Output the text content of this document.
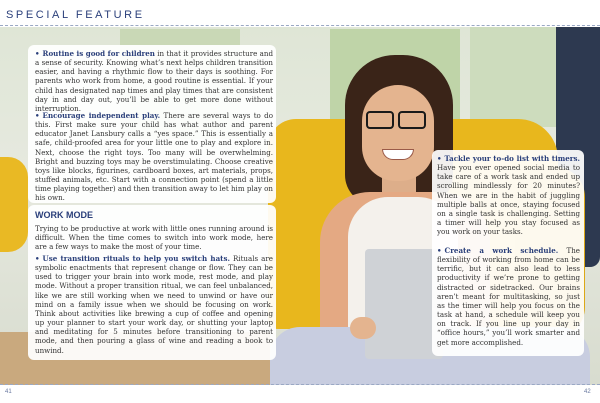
SPECIAL FEATURE
• Routine is good for children in that it provides structure and a sense of security. Knowing what’s next helps children transition easier, and having a rhythmic flow to their days is soothing. For parents who work from home, a good routine is essential. If your child has designated nap times and play times that are consistent day in and day out, you’ll be able to get more done without interruption.
• Encourage independent play. There are several ways to do this. First make sure your child has what author and parent educator Janet Lansbury calls a “yes space.” This is essentially a safe, child-proofed area for your little one to play and explore in. Next, choose the right toys. Too many will be overwhelming. Bright and buzzing toys may be overstimulating. Choose creative toys like blocks, figurines, cardboard boxes, art materials, props, stuffed animals, etc. Start with a connection point (spend a little time playing together) and then transition away to let him play on his own.
WORK MODE
Trying to be productive at work with little ones running around is difficult. When the time comes to switch into work mode, here are a few ways to make the most of your time.
• Use transition rituals to help you switch hats. Rituals are symbolic enactments that represent change or flow. They can be used to trigger your brain into work mode, rest mode, and play mode. Without a proper transition ritual, we can feel unbalanced, like we are still working when we need to unwind or have our mind on a family issue when we should be focusing on work. Think about activities like brewing a cup of coffee and opening up your planner to start your work day, or shutting your laptop and meditating for 5 minutes before transitioning to parent mode, and then pouring a glass of wine and reading a book to unwind.
• Tackle your to-do list with timers. Have you ever opened social media to take care of a work task and ended up scrolling mindlessly for 20 minutes? When we are in the habit of juggling multiple balls at once, staying focused on a single task is challenging. Setting a timer will help you stay focused as you work on your tasks.
• Create a work schedule. The flexibility of working from home can be terrific, but it can also lead to less productivity if we’re prone to getting distracted or sidetracked. Our brains aren’t meant for multitasking, so just as the timer will help you focus on the task at hand, a schedule will keep you on track. If you line up your day in “office hours,” you’ll work smarter and get more accomplished.
41	42
